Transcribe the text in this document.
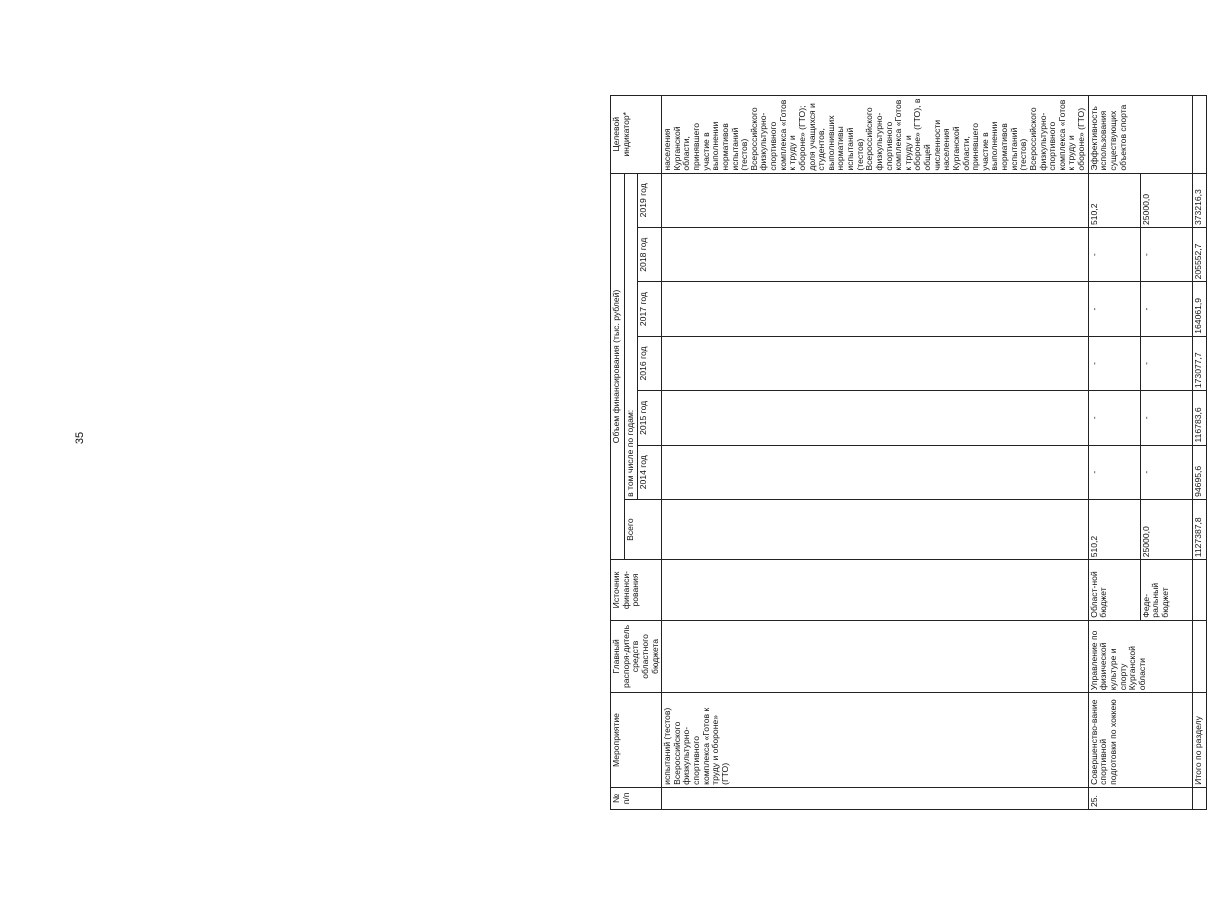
35
№ п/п	Мероприятие	Главный распоря-дитель средств областного бюджета	Источник финанси-рования	Объем финансирования (тыс. рублей)							Целевой индикатор*
				Всего	в том числе по годам:						
					2014 год	2015 год	2016 год	2017 год	2018 год	2019 год	
	испытаний (тестов) Всероссийского физкультурно-спортивного комплекса «Готов к труду и обороне» (ГТО)										населения Курганской области, принявшего участие в выполнении нормативов испытаний (тестов) Всероссийского физкультурно-спортивного комплекса «Готов к труду и обороне» (ГТО); доля учащихся и студентов, выполнивших нормативы испытаний (тестов) Всероссийского физкультурно-спортивного комплекса «Готов к труду и обороне» (ГТО), в общей численности населения Курганской области, принявшего участие в выполнении нормативов испытаний (тестов) Всероссийского физкультурно-спортивного комплекса «Готов к труду и обороне» (ГТО)
25.	Совершенство-вание спортивной подготовки по хоккею	Управление по физической культуре и спорту Курганской области	Област-ной бюджет	510,2	-	-	-	-	-	510,2	Эффективность использования существующих объектов спорта
			Феде-ральный бюджет	25000,0	-	-	-	-	-	25000,0	
	Итого по разделу			1127387,8	94695,6	116783,6	173077,7	164061,9	205552,7	373216,3	
